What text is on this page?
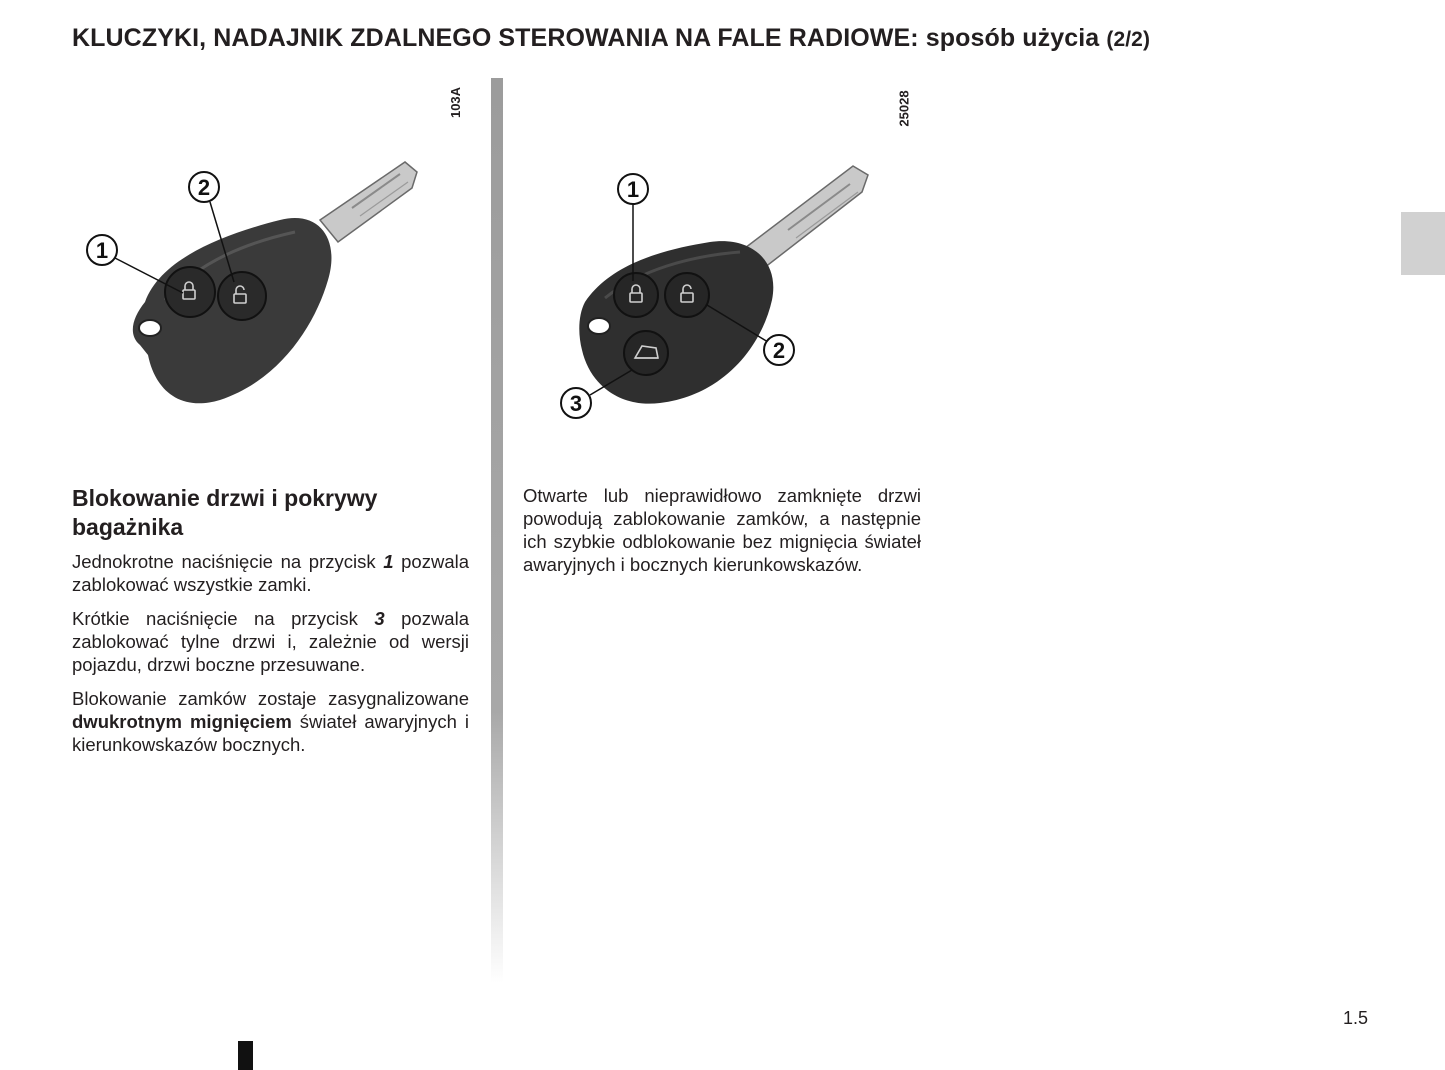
KLUCZYKI, NADAJNIK ZDALNEGO STEROWANIA NA FALE RADIOWE: sposób użycia (2/2)
103A
1
2
25028
1
2
3
Blokowanie drzwi i pokrywy bagażnika

Jednokrotne naciśnięcie na przycisk 1 pozwala zablokować wszystkie zamki.

Krótkie naciśnięcie na przycisk 3 pozwala zablokować tylne drzwi i, zależnie od wersji pojazdu, drzwi boczne przesuwane.

Blokowanie zamków zostaje zasygnalizowane dwukrotnym mignięciem świateł awaryjnych i kierunkowskazów bocznych.

Otwarte lub nieprawidłowo zamknięte drzwi powodują zablokowanie zamków, a następnie ich szybkie odblokowanie bez mignięcia świateł awaryjnych i bocznych kierunkowskazów.

1.5
